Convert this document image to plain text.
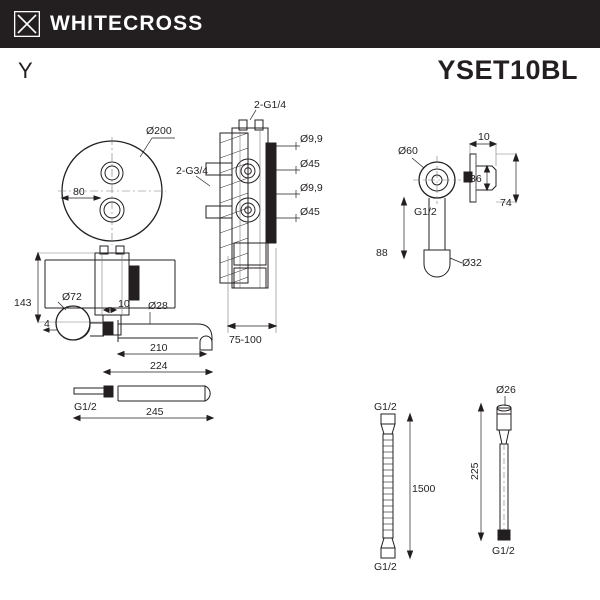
WHITECROSS
Y	YSET10BL
Ø200
80
2-G1/4
2-G3/4
Ø9,9
Ø45
Ø9,9
Ø45
75-100
143
4
Ø60
G1/2
Ø32
10
36
74
88
Ø72
10 Ø28
210
224
G1/2	245
1500
G1/2
G1/2
Ø26
225
G1/2
